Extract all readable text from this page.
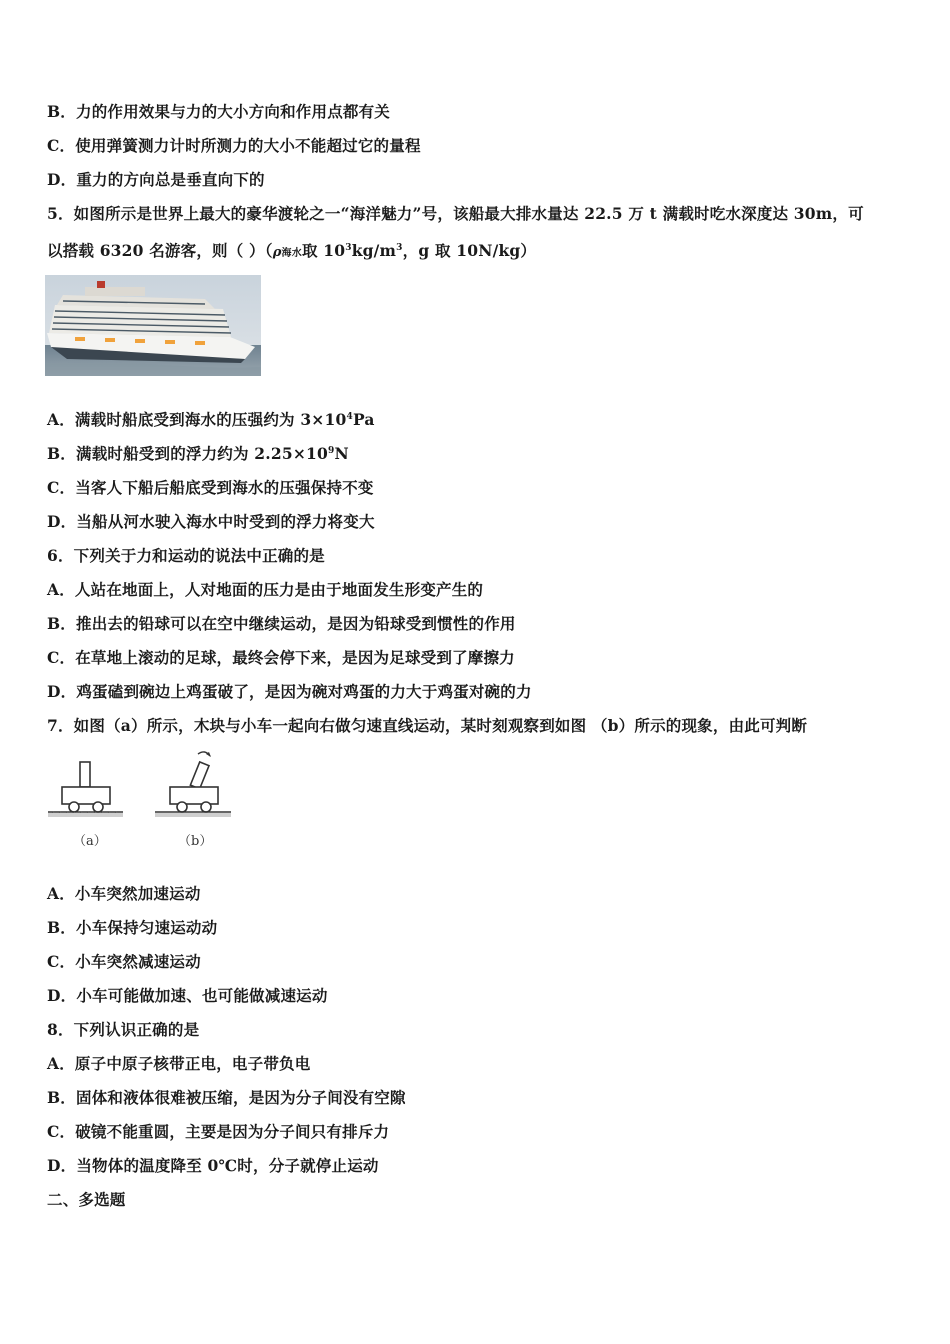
B．力的作用效果与力的大小方向和作用点都有关
C．使用弹簧测力计时所测力的大小不能超过它的量程
D．重力的方向总是垂直向下的
5．如图所示是世界上最大的豪华渡轮之一“海洋魅力”号，该船最大排水量达 22.5 万 t 满载时吃水深度达 30m，可
以搭载 6320 名游客，则（ ）（ρ海水取 $10^3kg/m^3$，g 取 10N/kg）
A．满载时船底受到海水的压强约为 $3\times 10^4Pa$
B．满载时船受到的浮力约为 $2.25\times 10^9N$
C．当客人下船后船底受到海水的压强保持不变
D．当船从河水驶入海水中时受到的浮力将变大
6．下列关于力和运动的说法中正确的是
A．人站在地面上，人对地面的压力是由于地面发生形变产生的
B．推出去的铅球可以在空中继续运动，是因为铅球受到惯性的作用
C．在草地上滚动的足球，最终会停下来，是因为足球受到了摩擦力
D．鸡蛋磕到碗边上鸡蛋破了，是因为碗对鸡蛋的力大于鸡蛋对碗的力
7．如图（a）所示，木块与小车一起向右做匀速直线运动，某时刻观察到如图 （b）所示的现象，由此可判断
（a）	（b）
A．小车突然加速运动
B．小车保持匀速运动动
C．小车突然减速运动
D．小车可能做加速、也可能做减速运动
8．下列认识正确的是
A．原子中原子核带正电，电子带负电
B．固体和液体很难被压缩，是因为分子间没有空隙
C．破镜不能重圆，主要是因为分子间只有排斥力
D．当物体的温度降至 0℃时，分子就停止运动
二、多选题
